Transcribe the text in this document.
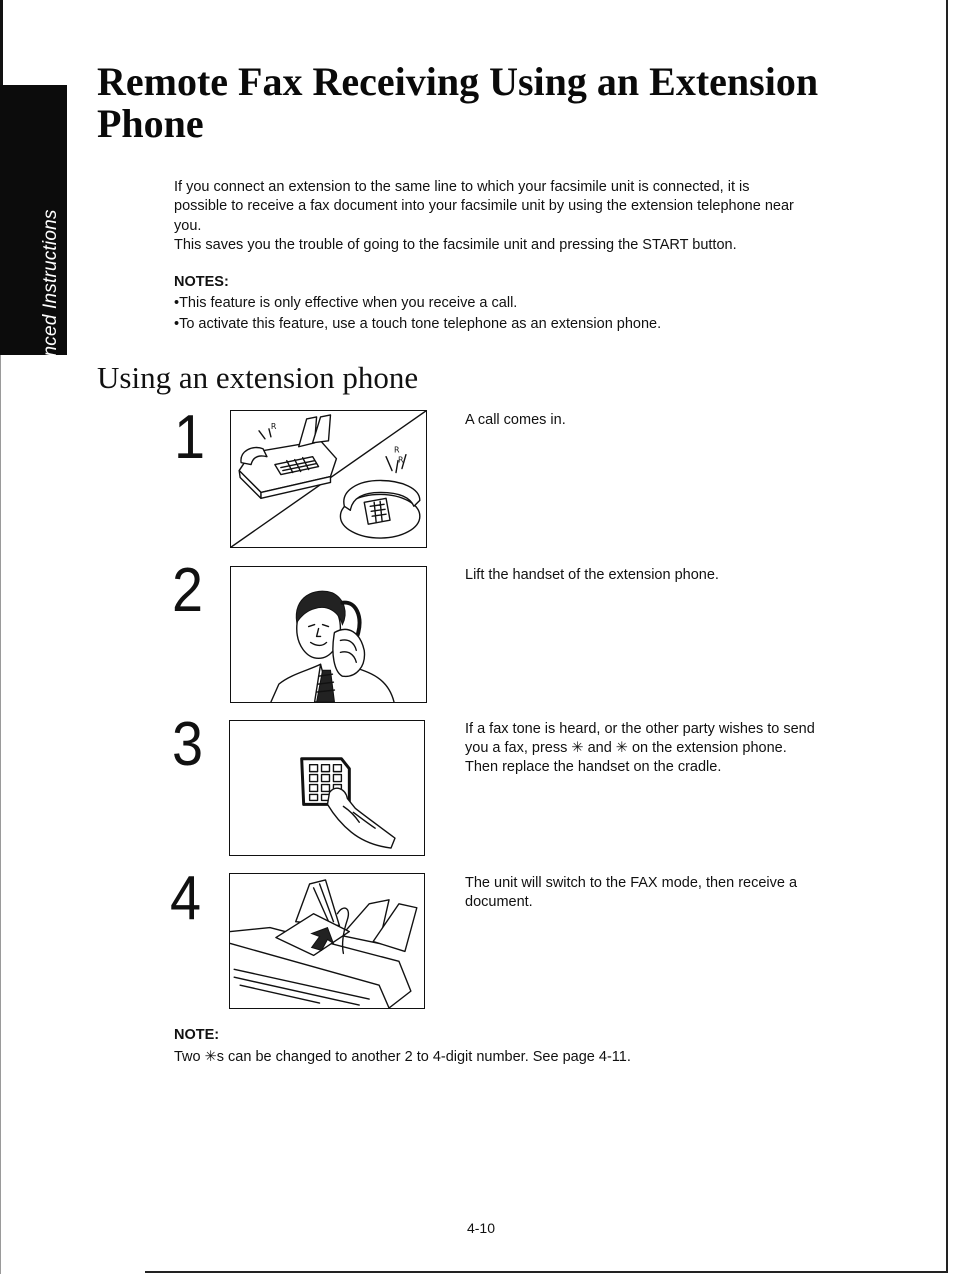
Advanced Instructions
Remote Fax Receiving Using an Extension Phone
If you connect an extension to the same line to which your facsimile unit is connected, it is
possible to receive a fax document into your facsimile unit by using the extension telephone near
you.
This saves you the trouble of going to the facsimile unit and pressing the START button.
NOTES:
•This feature is only effective when you receive a call.
•To activate this feature, use a touch tone telephone as an extension phone.
Using an extension phone
1	R
R
R
A call comes in.
2	Lift the handset of the extension phone.
3	If a fax tone is heard, or the other party wishes to send
you a fax, press ✳ and ✳ on the extension phone.
Then replace the handset on the cradle.
4	The unit will switch to the FAX mode, then receive a
document.
NOTE:
Two ✳s can be changed to another 2 to 4-digit number. See page 4-11.
4-10
